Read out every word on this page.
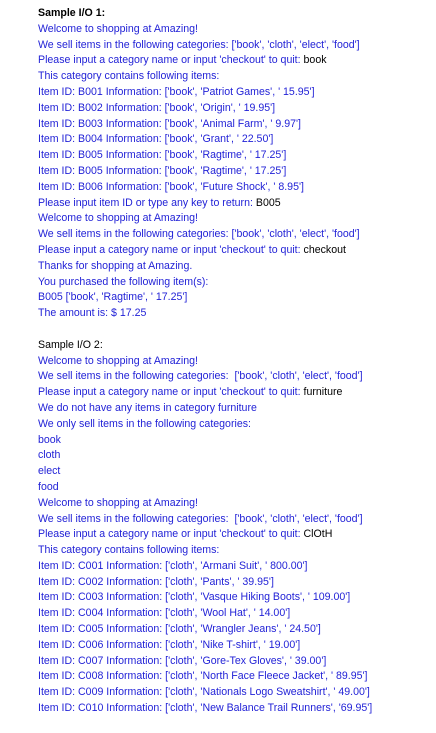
Sample I/O 1:
Welcome to shopping at Amazing!
We sell items in the following categories: ['book', 'cloth', 'elect', 'food']
Please input a category name or input 'checkout' to quit: book
This category contains following items:
Item ID: B001 Information: ['book', 'Patriot Games', ' 15.95']
Item ID: B002 Information: ['book', 'Origin', ' 19.95']
Item ID: B003 Information: ['book', 'Animal Farm', ' 9.97']
Item ID: B004 Information: ['book', 'Grant', ' 22.50']
Item ID: B005 Information: ['book', 'Ragtime', ' 17.25']
Item ID: B005 Information: ['book', 'Ragtime', ' 17.25']
Item ID: B006 Information: ['book', 'Future Shock', ' 8.95']
Please input item ID or type any key to return: B005
Welcome to shopping at Amazing!
We sell items in the following categories: ['book', 'cloth', 'elect', 'food']
Please input a category name or input 'checkout' to quit: checkout
Thanks for shopping at Amazing.
You purchased the following item(s):
B005 ['book', 'Ragtime', ' 17.25']
The amount is: $ 17.25
Sample I/O 2:
Welcome to shopping at Amazing!
We sell items in the following categories:  ['book', 'cloth', 'elect', 'food']
Please input a category name or input 'checkout' to quit: furniture
We do not have any items in category furniture
We only sell items in the following categories:
book
cloth
elect
food
Welcome to shopping at Amazing!
We sell items in the following categories:  ['book', 'cloth', 'elect', 'food']
Please input a category name or input 'checkout' to quit: ClOtH
This category contains following items:
Item ID: C001 Information: ['cloth', 'Armani Suit', ' 800.00']
Item ID: C002 Information: ['cloth', 'Pants', ' 39.95']
Item ID: C003 Information: ['cloth', 'Vasque Hiking Boots', ' 109.00']
Item ID: C004 Information: ['cloth', 'Wool Hat', ' 14.00']
Item ID: C005 Information: ['cloth', 'Wrangler Jeans', ' 24.50']
Item ID: C006 Information: ['cloth', 'Nike T-shirt', ' 19.00']
Item ID: C007 Information: ['cloth', 'Gore-Tex Gloves', ' 39.00']
Item ID: C008 Information: ['cloth', 'North Face Fleece Jacket', ' 89.95']
Item ID: C009 Information: ['cloth', 'Nationals Logo Sweatshirt', ' 49.00']
Item ID: C010 Information: ['cloth', 'New Balance Trail Runners', '69.95']
